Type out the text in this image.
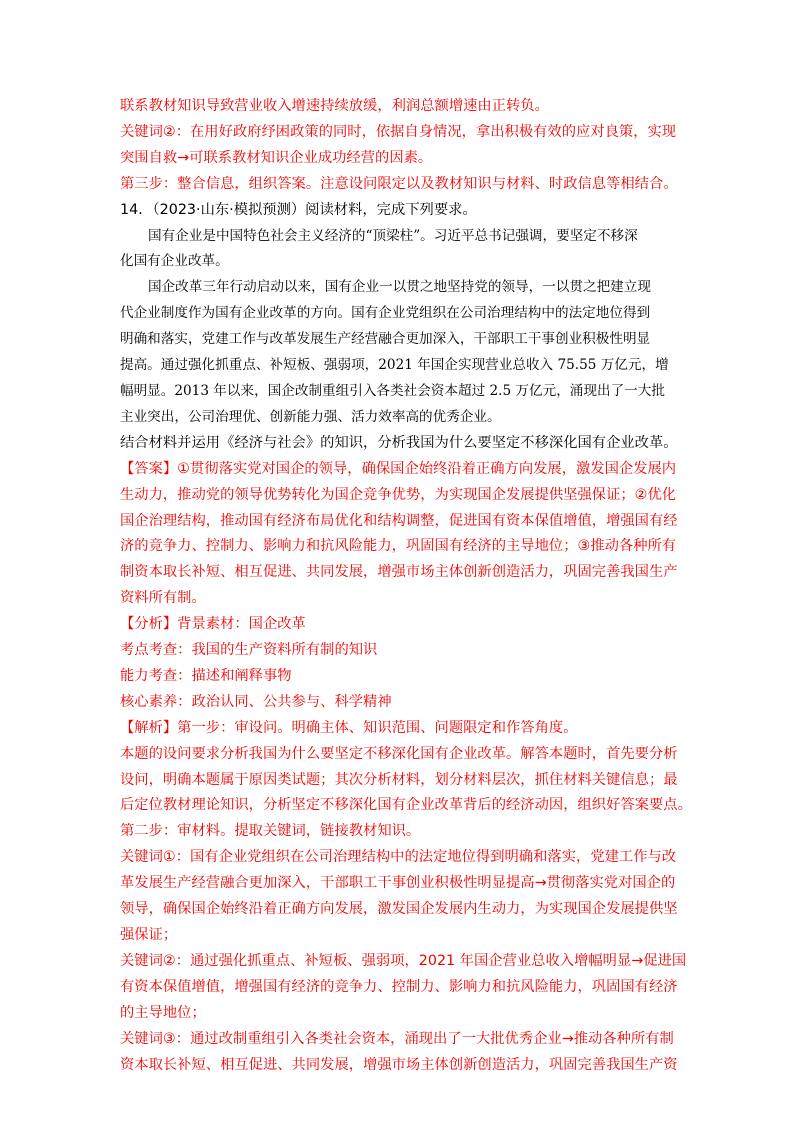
联系教材知识导致营业收入增速持续放缓，利润总额增速由正转负。
关键词②：在用好政府纾困政策的同时，依据自身情况，拿出积极有效的应对良策，实现
突围自救→可联系教材知识企业成功经营的因素。
第三步：整合信息，组织答案。注意设问限定以及教材知识与材料、时政信息等相结合。
14．（2023·山东·模拟预测）阅读材料，完成下列要求。
国有企业是中国特色社会主义经济的“顶梁柱”。习近平总书记强调，要坚定不移深
化国有企业改革。
国企改革三年行动启动以来，国有企业一以贯之地坚持党的领导，一以贯之把建立现
代企业制度作为国有企业改革的方向。国有企业党组织在公司治理结构中的法定地位得到
明确和落实，党建工作与改革发展生产经营融合更加深入，干部职工干事创业积极性明显
提高。通过强化抓重点、补短板、强弱项，2021 年国企实现营业总收入 75.55 万亿元，增
幅明显。2013 年以来，国企改制重组引入各类社会资本超过 2.5 万亿元，涌现出了一大批
主业突出，公司治理优、创新能力强、活力效率高的优秀企业。
结合材料并运用《经济与社会》的知识，分析我国为什么要坚定不移深化国有企业改革。
【答案】①贯彻落实党对国企的领导，确保国企始终沿着正确方向发展，激发国企发展内
生动力，推动党的领导优势转化为国企竞争优势，为实现国企发展提供坚强保证；②优化
国企治理结构，推动国有经济布局优化和结构调整，促进国有资本保值增值，增强国有经
济的竞争力、控制力、影响力和抗风险能力，巩固国有经济的主导地位；③推动各种所有
制资本取长补短、相互促进、共同发展，增强市场主体创新创造活力，巩固完善我国生产
资料所有制。
【分析】背景素材：国企改革
考点考查：我国的生产资料所有制的知识
能力考查：描述和阐释事物
核心素养：政治认同、公共参与、科学精神
【解析】第一步：审设问。明确主体、知识范围、问题限定和作答角度。
本题的设问要求分析我国为什么要坚定不移深化国有企业改革。解答本题时，首先要分析
设问，明确本题属于原因类试题；其次分析材料，划分材料层次，抓住材料关键信息；最
后定位教材理论知识，分析坚定不移深化国有企业改革背后的经济动因，组织好答案要点。
第二步：审材料。提取关键词，链接教材知识。
关键词①：国有企业党组织在公司治理结构中的法定地位得到明确和落实，党建工作与改
革发展生产经营融合更加深入，干部职工干事创业积极性明显提高→贯彻落实党对国企的
领导，确保国企始终沿着正确方向发展，激发国企发展内生动力，为实现国企发展提供坚
强保证；
关键词②：通过强化抓重点、补短板、强弱项，2021 年国企营业总收入增幅明显→促进国
有资本保值增值，增强国有经济的竞争力、控制力、影响力和抗风险能力，巩固国有经济
的主导地位；
关键词③：通过改制重组引入各类社会资本，涌现出了一大批优秀企业→推动各种所有制
资本取长补短、相互促进、共同发展，增强市场主体创新创造活力，巩固完善我国生产资
